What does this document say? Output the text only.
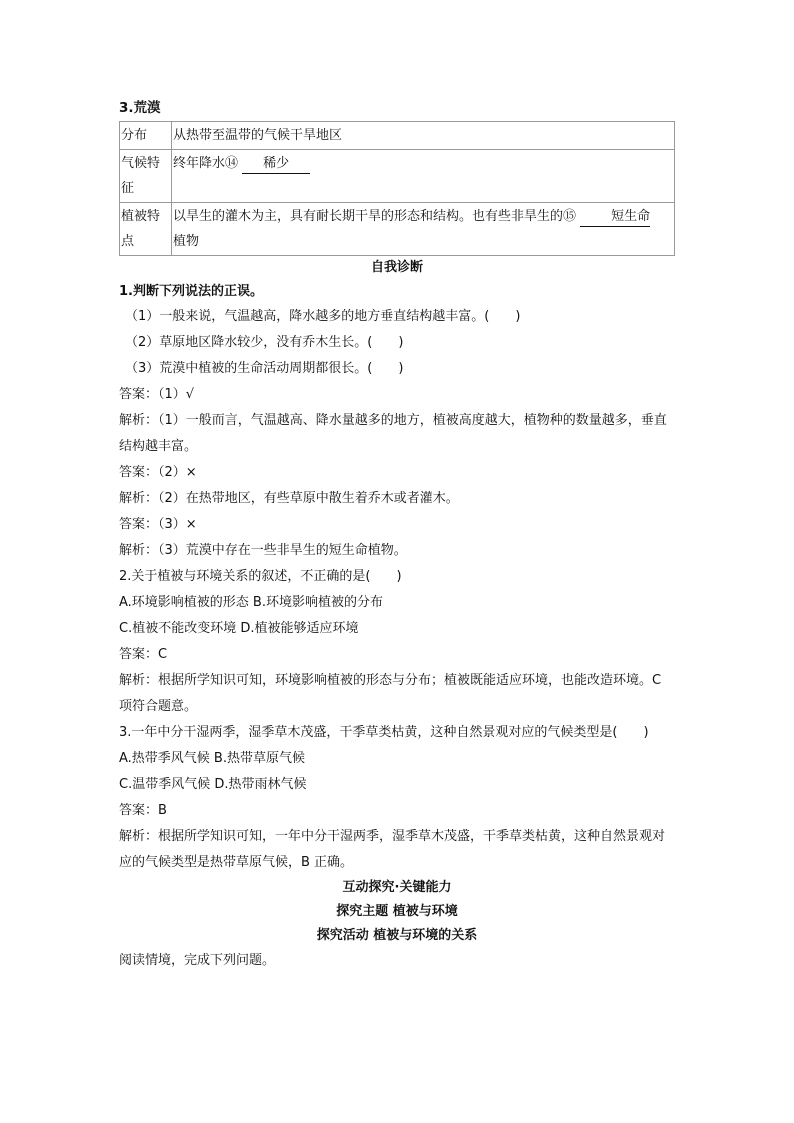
3.荒漠
分布	从热带至温带的气候干旱地区
气候特征	终年降水⑭ 稀少
植被特点	以旱生的灌木为主，具有耐长期干旱的形态和结构。也有些非旱生的⑮ 短生命
植物
自我诊断
1.判断下列说法的正误。
（1）一般来说，气温越高，降水越多的地方垂直结构越丰富。(　　)
（2）草原地区降水较少，没有乔木生长。(　　)
（3）荒漠中植被的生命活动周期都很长。(　　)
答案：（1）√
解析：（1）一般而言，气温越高、降水量越多的地方，植被高度越大，植物种的数量越多，垂直结构越丰富。
答案：（2）×
解析：（2）在热带地区，有些草原中散生着乔木或者灌木。
答案：（3）×
解析：（3）荒漠中存在一些非旱生的短生命植物。
2.关于植被与环境关系的叙述，不正确的是(　　)
A.环境影响植被的形态 B.环境影响植被的分布
C.植被不能改变环境 D.植被能够适应环境
答案：C
解析：根据所学知识可知，环境影响植被的形态与分布；植被既能适应环境，也能改造环境。C 项符合题意。
3.一年中分干湿两季，湿季草木茂盛，干季草类枯黄，这种自然景观对应的气候类型是(　　)
A.热带季风气候 B.热带草原气候
C.温带季风气候 D.热带雨林气候
答案：B
解析：根据所学知识可知，一年中分干湿两季，湿季草木茂盛，干季草类枯黄，这种自然景观对应的气候类型是热带草原气候，B 正确。
互动探究·关键能力
探究主题 植被与环境
探究活动 植被与环境的关系
阅读情境，完成下列问题。
